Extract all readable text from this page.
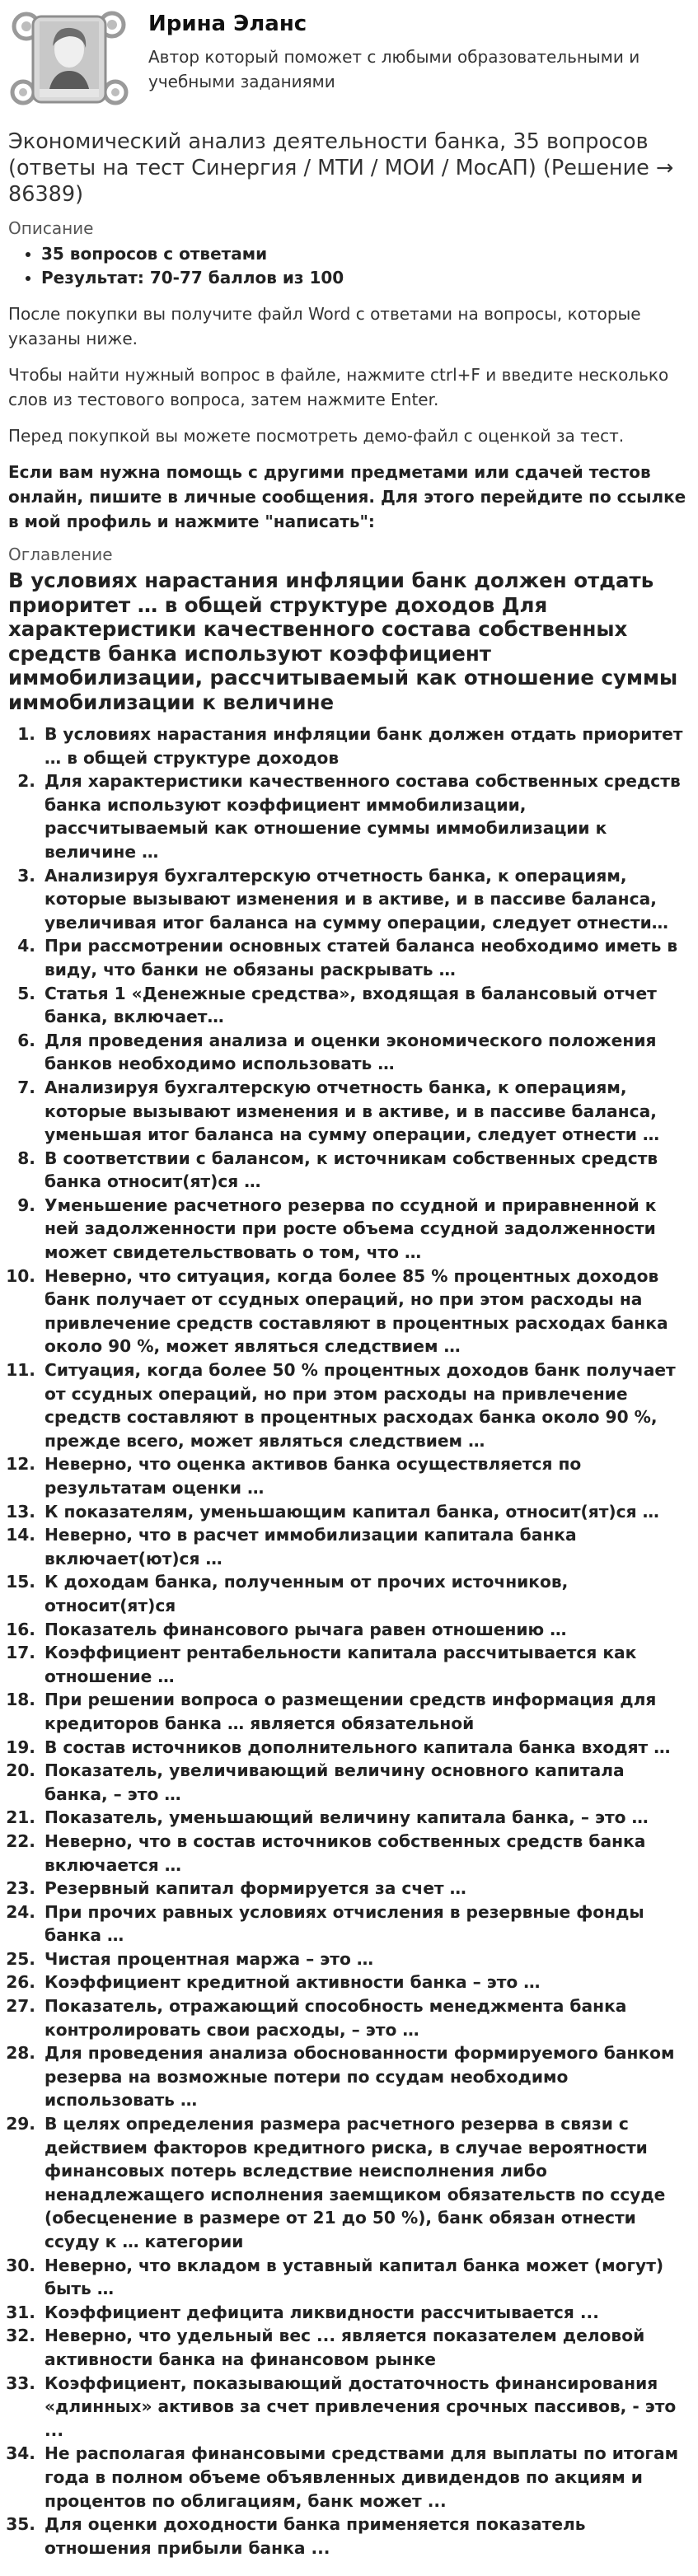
Ирина Эланс
Автор который поможет с любыми образовательными и учебными заданиями
Экономический анализ деятельности банка, 35 вопросов (ответы на тест Синергия / МТИ / МОИ / МосАП) (Решение → 86389)
Описание
• 35 вопросов с ответами
• Результат: 70-77 баллов из 100

После покупки вы получите файл Word с ответами на вопросы, которые указаны ниже.

Чтобы найти нужный вопрос в файле, нажмите ctrl+F и введите несколько слов из тестового вопроса, затем нажмите Enter.

Перед покупкой вы можете посмотреть демо-файл с оценкой за тест.

Если вам нужна помощь с другими предметами или сдачей тестов онлайн, пишите в личные сообщения. Для этого перейдите по ссылке в мой профиль и нажмите "написать":

Оглавление
В условиях нарастания инфляции банк должен отдать приоритет … в общей структуре доходов Для характеристики качественного состава собственных средств банка используют коэффициент иммобилизации, рассчитываемый как отношение суммы иммобилизации к величине
1. В условиях нарастания инфляции банк должен отдать приоритет … в общей структуре доходов
2. Для характеристики качественного состава собственных средств банка используют коэффициент иммобилизации, рассчитываемый как отношение суммы иммобилизации к величине …
3. Анализируя бухгалтерскую отчетность банка, к операциям, которые вызывают изменения и в активе, и в пассиве баланса, увеличивая итог баланса на сумму операции, следует отнести…
4. При рассмотрении основных статей баланса необходимо иметь в виду, что банки не обязаны раскрывать …
5. Статья 1 «Денежные средства», входящая в балансовый отчет банка, включает…
6. Для проведения анализа и оценки экономического положения банков необходимо использовать …
7. Анализируя бухгалтерскую отчетность банка, к операциям, которые вызывают изменения и в активе, и в пассиве баланса, уменьшая итог баланса на сумму операции, следует отнести …
8. В соответствии с балансом, к источникам собственных средств банка относит(ят)ся …
9. Уменьшение расчетного резерва по ссудной и приравненной к ней задолженности при росте объема ссудной задолженности может свидетельствовать о том, что …
10. Неверно, что ситуация, когда более 85 % процентных доходов банк получает от ссудных операций, но при этом расходы на привлечение средств составляют в процентных расходах банка около 90 %, может являться следствием …
11. Ситуация, когда более 50 % процентных доходов банк получает от ссудных операций, но при этом расходы на привлечение средств составляют в процентных расходах банка около 90 %, прежде всего, может являться следствием …
12. Неверно, что оценка активов банка осуществляется по результатам оценки …
13. К показателям, уменьшающим капитал банка, относит(ят)ся …
14. Неверно, что в расчет иммобилизации капитала банка включает(ют)ся …
15. К доходам банка, полученным от прочих источников, относит(ят)ся
16. Показатель финансового рычага равен отношению …
17. Коэффициент рентабельности капитала рассчитывается как отношение …
18. При решении вопроса о размещении средств информация для кредиторов банка … является обязательной
19. В состав источников дополнительного капитала банка входят …
20. Показатель, увеличивающий величину основного капитала банка, – это …
21. Показатель, уменьшающий величину капитала банка, – это …
22. Неверно, что в состав источников собственных средств банка включается …
23. Резервный капитал формируется за счет …
24. При прочих равных условиях отчисления в резервные фонды банка …
25. Чистая процентная маржа – это …
26. Коэффициент кредитной активности банка – это …
27. Показатель, отражающий способность менеджмента банка контролировать свои расходы, – это …
28. Для проведения анализа обоснованности формируемого банком резерва на возможные потери по ссудам необходимо использовать …
29. В целях определения размера расчетного резерва в связи с действием факторов кредитного риска, в случае вероятности финансовых потерь вследствие неисполнения либо ненадлежащего исполнения заемщиком обязательств по ссуде (обесценение в размере от 21 до 50 %), банк обязан отнести ссуду к … категории
30. Неверно, что вкладом в уставный капитал банка может (могут) быть …
31. Коэффициент дефицита ликвидности рассчитывается ...
32. Неверно, что удельный вес ... является показателем деловой активности банка на финансовом рынке
33. Коэффициент, показывающий достаточность финансирования «длинных» активов за счет привлечения срочных пассивов, - это ...
34. Не располагая финансовыми средствами для выплаты по итогам года в полном объеме объявленных дивидендов по акциям и процентов по облигациям, банк может ...
35. Для оценки доходности банка применяется показатель отношения прибыли банка ...
